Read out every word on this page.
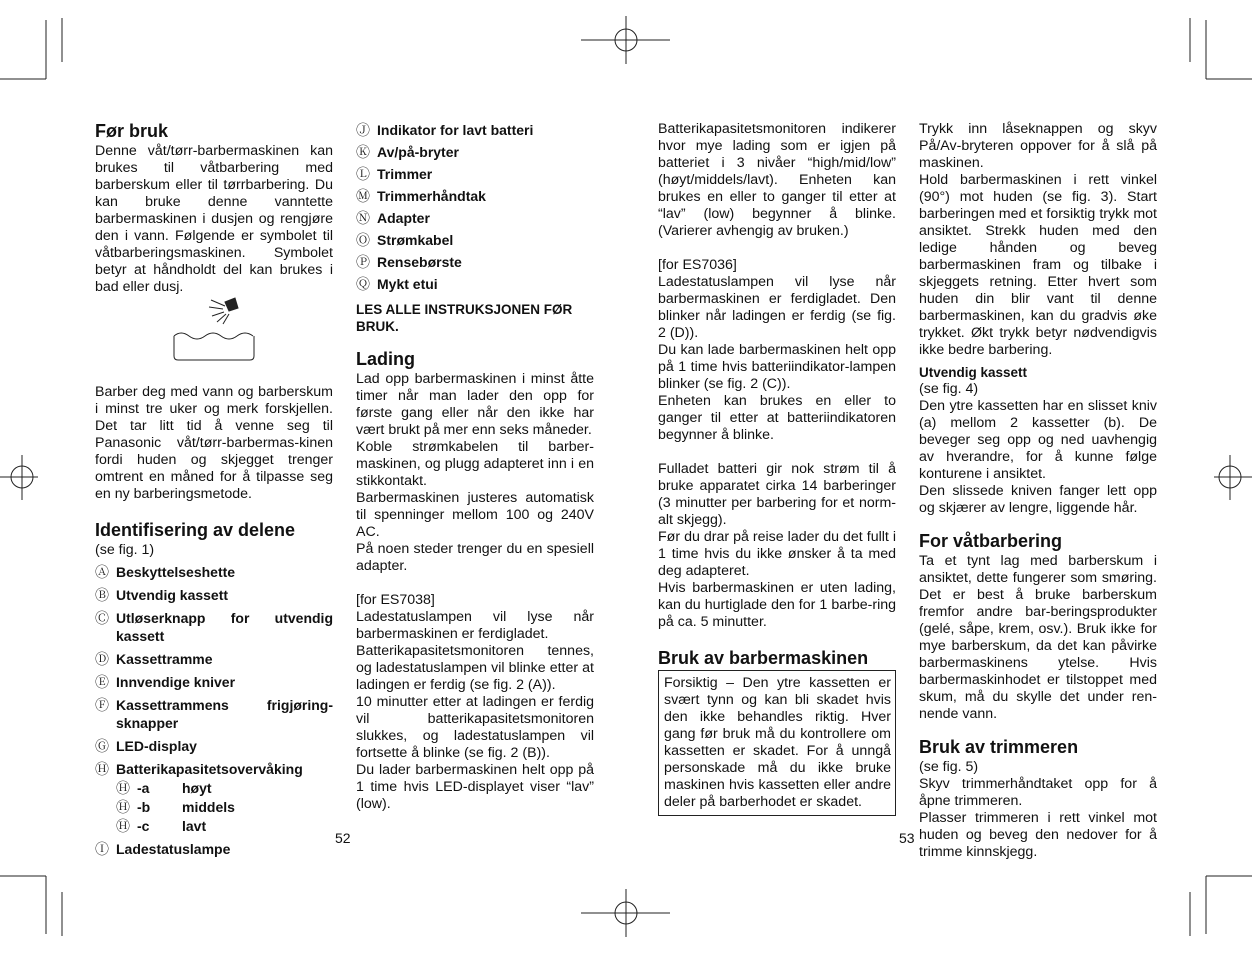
Før bruk

Denne våt/tørr-barbermaskinen kan brukes til våtbarbering med barberskum eller til tørrbarbering. Du kan bruke denne vanntette barbermaskinen i dusjen og rengjøre den i vann. Følgende er symbolet til våtbarberingsmaskinen. Symbolet betyr at håndholdt del kan brukes i bad eller dusj.

Barber deg med vann og barberskum i minst tre uker og merk forskjellen. Det tar litt tid å venne seg til Panasonic våt/tørr-barbermas-kinen fordi huden og skjegget trenger omtrent en måned for å tilpasse seg en ny barberingsmetode.

Identifisering av delene

(se fig. 1)

Ⓐ Beskyttelseshette
Ⓑ Utvendig kassett
Ⓒ Utløserknapp for utvendig kassett
Ⓓ Kassettramme
Ⓔ Innvendige kniver
Ⓕ Kassettrammens frigjøring-sknapper
Ⓖ LED-display
Ⓗ Batterikapasitetsovervåking
Ⓗ -a	høyt
Ⓗ -b	middels
Ⓗ -c	lavt
Ⓘ Ladestatuslampe
Ⓙ Indikator for lavt batteri
Ⓚ Av/på-bryter
Ⓛ Trimmer
Ⓜ Trimmerhåndtak
Ⓝ Adapter
Ⓞ Strømkabel
Ⓟ Rensebørste
Ⓠ Mykt etui

LES ALLE INSTRUKSJONEN FØR BRUK.

Lading

Lad opp barbermaskinen i minst åtte timer når man lader den opp for første gang eller når den ikke har vært brukt på mer enn seks måneder.

Koble strømkabelen til barber-maskinen, og plugg adapteret inn i en stikkontakt.

Barbermaskinen justeres automatisk til spenninger mellom 100 og 240V AC.

På noen steder trenger du en spesiell adapter.

[for ES7038]

Ladestatuslampen vil lyse når barbermaskinen er ferdigladet.

Batterikapasitetsmonitoren tennes, og ladestatuslampen vil blinke etter at ladingen er ferdig (se fig. 2 (A)).

10 minutter etter at ladingen er ferdig vil batterikapasitetsmonitoren slukkes, og ladestatuslampen vil fortsette å blinke (se fig. 2 (B)).

Du lader barbermaskinen helt opp på 1 time hvis LED-displayet viser “lav” (low).

52

Batterikapasitetsmonitoren indikerer hvor mye lading som er igjen på batteriet i 3 nivåer “high/mid/low” (høyt/middels/lavt). Enheten kan brukes en eller to ganger til etter at “lav” (low) begynner å blinke. (Varierer avhengig av bruken.)

[for ES7036]

Ladestatuslampen vil lyse når barbermaskinen er ferdigladet. Den blinker når ladingen er ferdig (se fig. 2 (D)).

Du kan lade barbermaskinen helt opp på 1 time hvis batteriindikator-lampen blinker (se fig. 2 (C)).

Enheten kan brukes en eller to ganger til etter at batteriindikatoren begynner å blinke.

Fulladet batteri gir nok strøm til å bruke apparatet cirka 14 barberinger (3 minutter per barbering for et norm-alt skjegg).

Før du drar på reise lader du det fullt i 1 time hvis du ikke ønsker å ta med deg adapteret.

Hvis barbermaskinen er uten lading, kan du hurtiglade den for 1 barbe-ring på ca. 5 minutter.

Bruk av barbermaskinen
Forsiktig – Den ytre kassetten er svært tynn og kan bli skadet hvis den ikke behandles riktig. Hver gang før bruk må du kontrollere om kassetten er skadet. For å unngå personskade må du ikke bruke maskinen hvis kassetten eller andre deler på barberhodet er skadet.

Trykk inn låseknappen og skyv På/Av-bryteren oppover for å slå på maskinen.

Hold barbermaskinen i rett vinkel (90°) mot huden (se fig. 3). Start barberingen med et forsiktig trykk mot ansiktet. Strekk huden med den ledige hånden og beveg barbermaskinen fram og tilbake i skjeggets retning. Etter hvert som huden din blir vant til denne barbermaskinen, kan du gradvis øke trykket. Økt trykk betyr nødvendigvis ikke bedre barbering.

Utvendig kassett

(se fig. 4)

Den ytre kassetten har en slisset kniv (a) mellom 2 kassetter (b). De beveger seg opp og ned uavhengig av hverandre, for å kunne følge konturene i ansiktet.

Den slissede kniven fanger lett opp og skjærer av lengre, liggende hår.

For våtbarbering

Ta et tynt lag med barberskum i ansiktet, dette fungerer som smøring. Det er best å bruke barberskum fremfor andre bar-beringsprodukter (gelé, såpe, krem, osv.). Bruk ikke for mye barberskum, da det kan påvirke barbermaskinens ytelse. Hvis barbermaskinhodet er tilstoppet med skum, må du skylle det under ren-nende vann.

Bruk av trimmeren

(se fig. 5)

Skyv trimmerhåndtaket opp for å åpne trimmeren.

Plasser trimmeren i rett vinkel mot huden og beveg den nedover for å trimme kinnskjegg.

53
